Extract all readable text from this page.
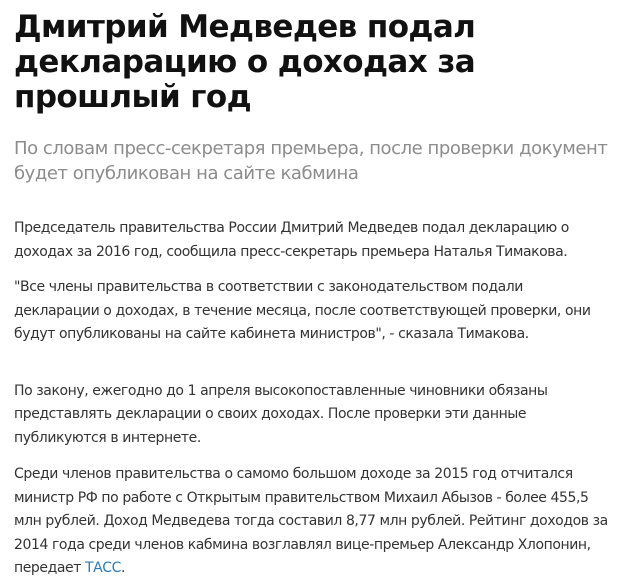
Дмитрий Медведев подал декларацию о доходах за прошлый год
По словам пресс-секретаря премьера, после проверки документ будет опубликован на сайте кабмина

Председатель правительства России Дмитрий Медведев подал декларацию о доходах за 2016 год, сообщила пресс-секретарь премьера Наталья Тимакова.

"Все члены правительства в соответствии с законодательством подали декларации о доходах, в течение месяца, после соответствующей проверки, они будут опубликованы на сайте кабинета министров", - сказала Тимакова.

По закону, ежегодно до 1 апреля высокопоставленные чиновники обязаны представлять декларации о своих доходах. После проверки эти данные публикуются в интернете.

Среди членов правительства о самомо большом доходе за 2015 год отчитался министр РФ по работе с Открытым правительством Михаил Абызов - более 455,5 млн рублей. Доход Медведева тогда составил 8,77 млн рублей. Рейтинг доходов за 2014 года среди членов кабмина возглавлял вице-премьер Александр Хлопонин, передает ТАСС.
